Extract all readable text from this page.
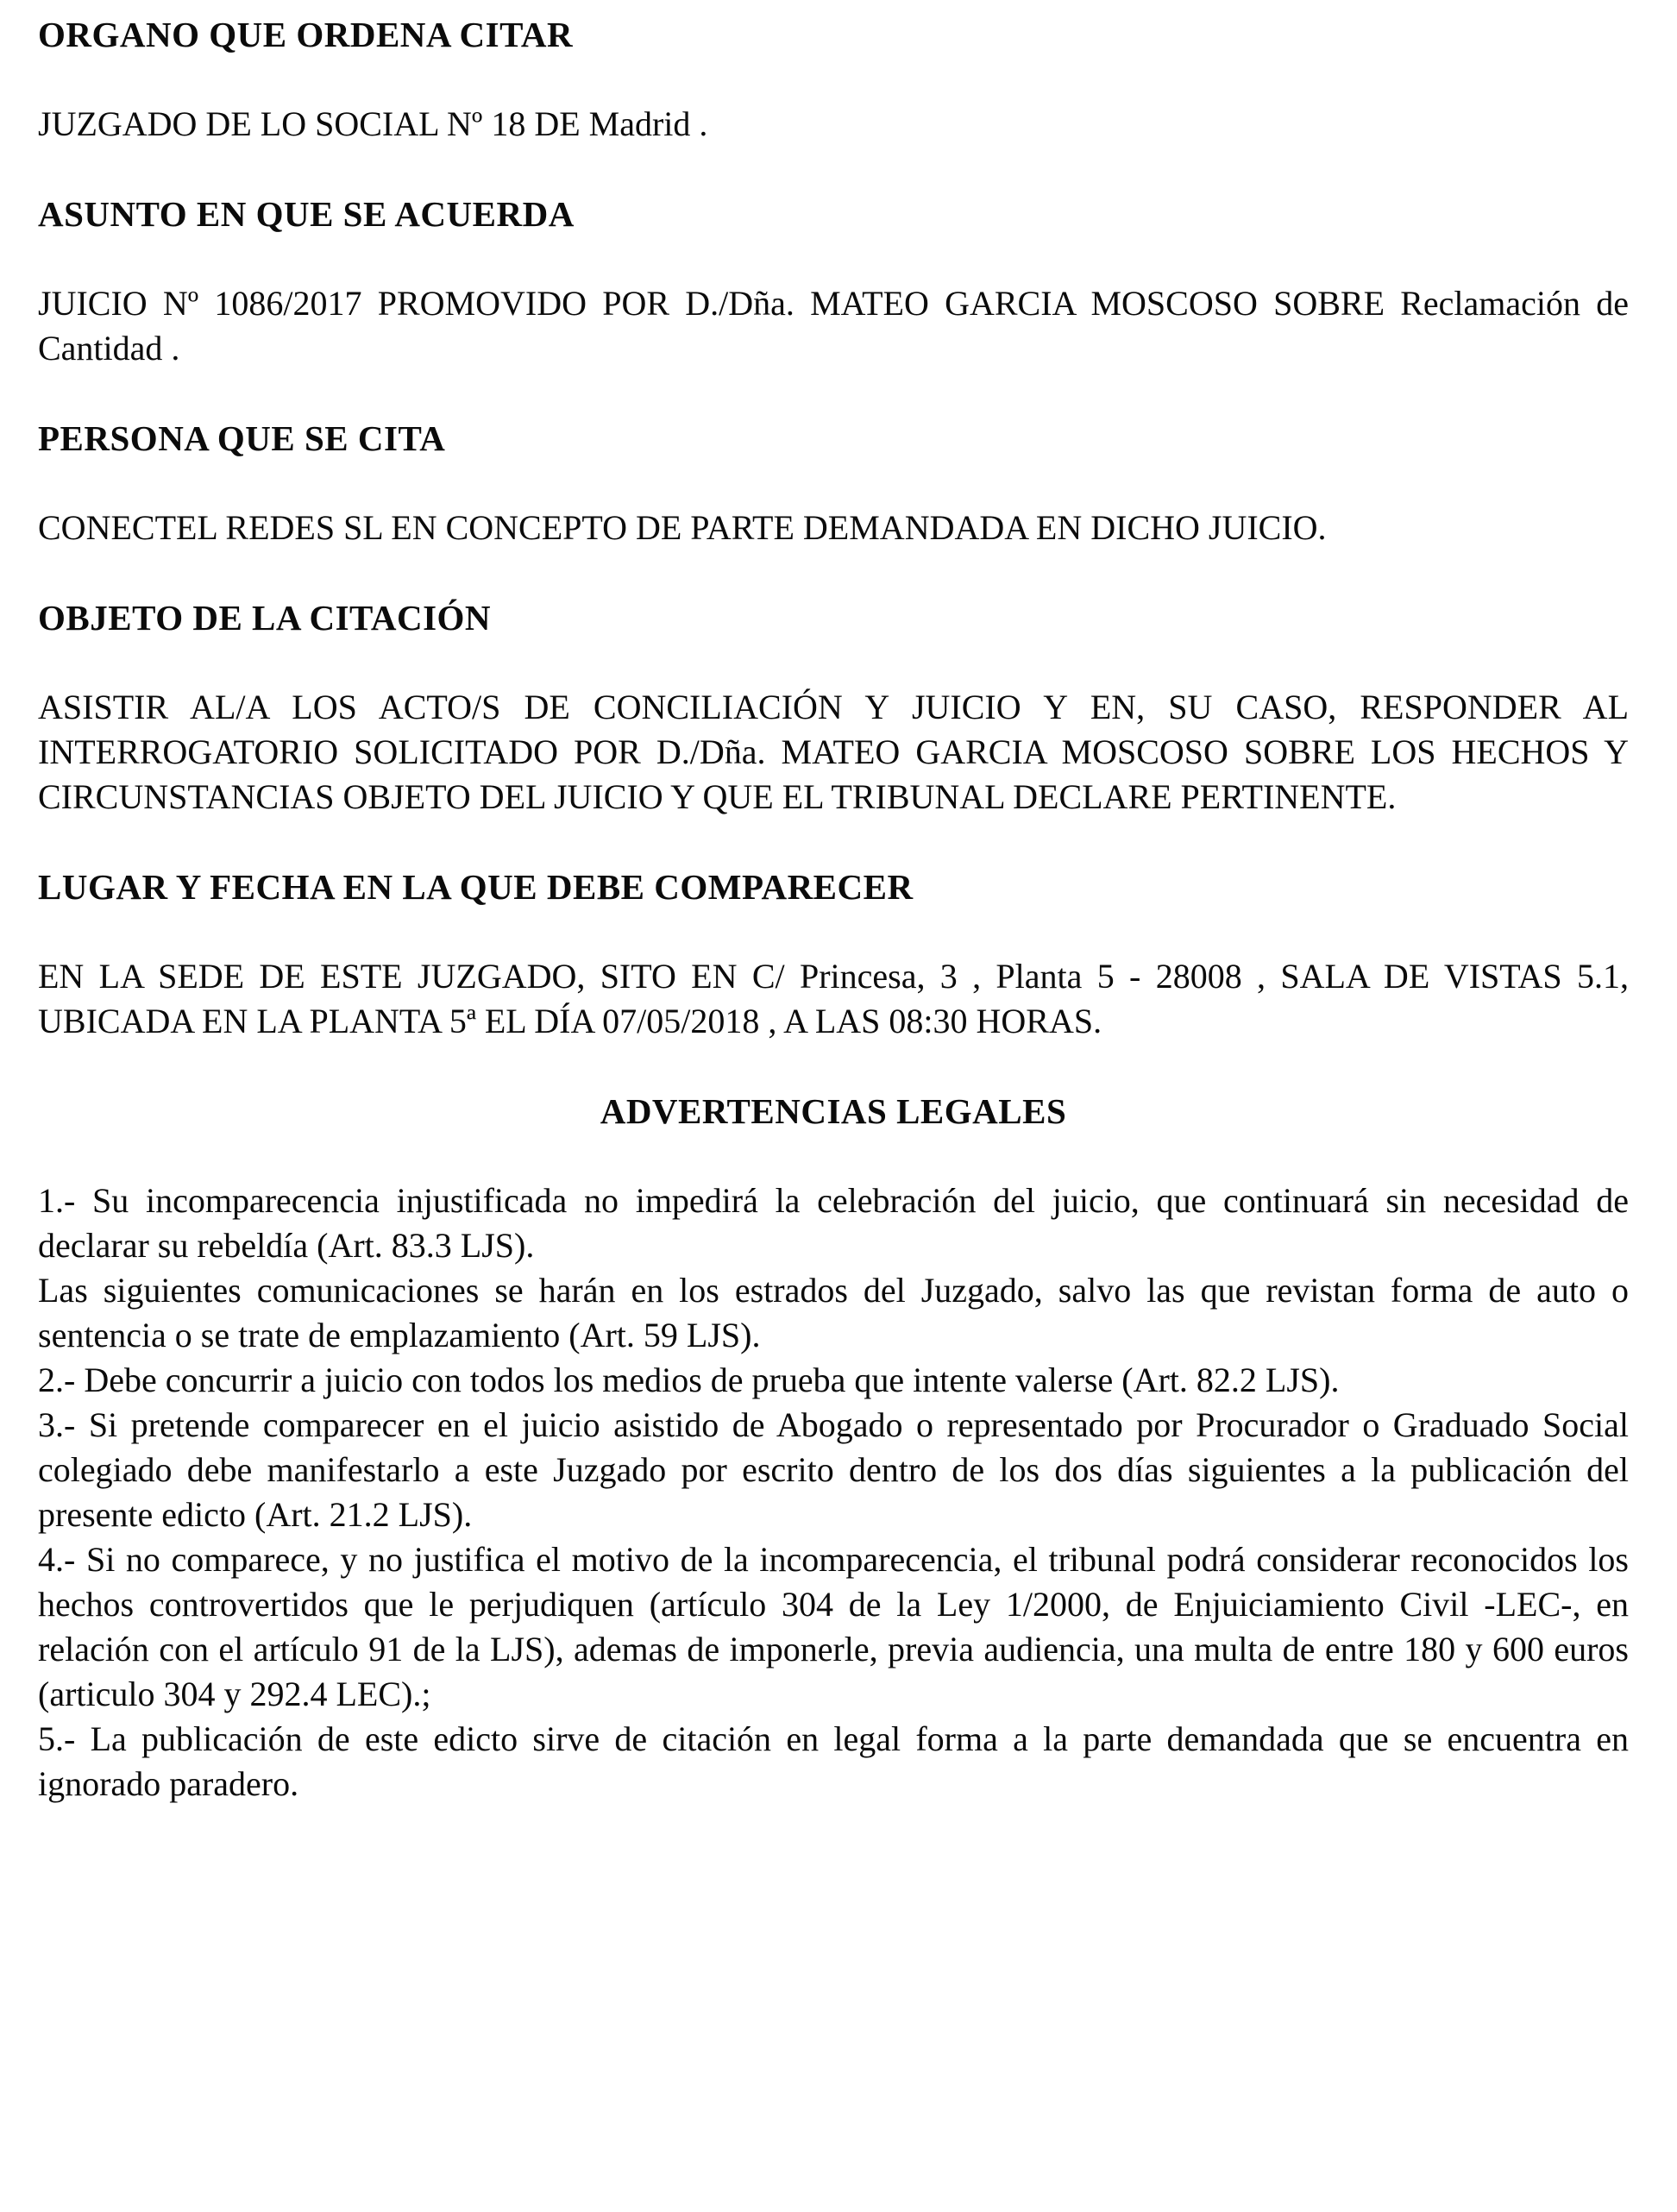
ORGANO QUE ORDENA CITAR

JUZGADO DE LO SOCIAL Nº 18 DE Madrid .

ASUNTO EN QUE SE ACUERDA

JUICIO Nº 1086/2017 PROMOVIDO POR D./Dña. MATEO GARCIA MOSCOSO SOBRE Reclamación de Cantidad .

PERSONA QUE SE CITA

CONECTEL REDES SL EN CONCEPTO DE PARTE DEMANDADA EN DICHO JUICIO.

OBJETO DE LA CITACIÓN

ASISTIR AL/A LOS ACTO/S DE CONCILIACIÓN Y JUICIO Y EN, SU CASO, RESPONDER AL INTERROGATORIO SOLICITADO POR D./Dña. MATEO GARCIA MOSCOSO SOBRE LOS HECHOS Y CIRCUNSTANCIAS OBJETO DEL JUICIO Y QUE EL TRIBUNAL DECLARE PERTINENTE.

LUGAR Y FECHA EN LA QUE DEBE COMPARECER

EN LA SEDE DE ESTE JUZGADO, SITO EN C/ Princesa, 3 , Planta 5 - 28008 , SALA DE VISTAS 5.1, UBICADA EN LA PLANTA 5ª EL DÍA 07/05/2018 , A LAS 08:30 HORAS.

ADVERTENCIAS LEGALES

1.- Su incomparecencia injustificada no impedirá la celebración del juicio, que continuará sin necesidad de declarar su rebeldía (Art. 83.3 LJS).

Las siguientes comunicaciones se harán en los estrados del Juzgado, salvo las que revistan forma de auto o sentencia o se trate de emplazamiento (Art. 59 LJS).

2.- Debe concurrir a juicio con todos los medios de prueba que intente valerse (Art. 82.2 LJS).

3.- Si pretende comparecer en el juicio asistido de Abogado o representado por Procurador o Graduado Social colegiado debe manifestarlo a este Juzgado por escrito dentro de los dos días siguientes a la publicación del presente edicto (Art. 21.2 LJS).

4.- Si no comparece, y no justifica el motivo de la incomparecencia, el tribunal podrá considerar reconocidos los hechos controvertidos que le perjudiquen (artículo 304 de la Ley 1/2000, de Enjuiciamiento Civil -LEC-, en relación con el artículo 91 de la LJS), ademas de imponerle, previa audiencia, una multa de entre 180 y 600 euros (articulo 304 y 292.4 LEC).;

5.- La publicación de este edicto sirve de citación en legal forma a la parte demandada que se encuentra en ignorado paradero.
